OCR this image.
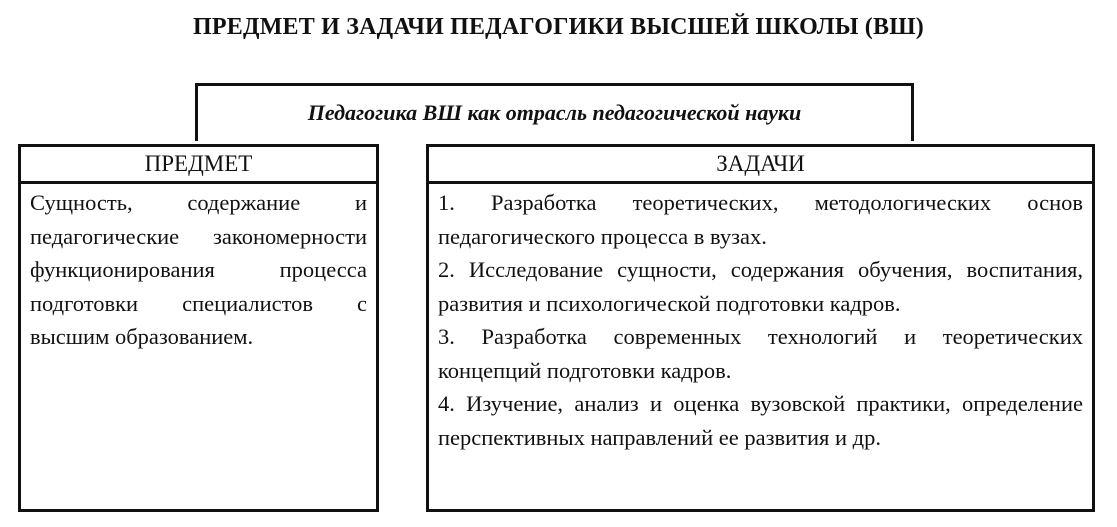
ПРЕДМЕТ И ЗАДАЧИ ПЕДАГОГИКИ ВЫСШЕЙ ШКОЛЫ (ВШ)
Педагогика ВШ как отрасль педагогической науки
ПРЕДМЕТ
Сущность, содержание и педагогические закономерности функционирования процесса подготовки специалистов с высшим образованием.
ЗАДАЧИ

1. Разработка теоретических, методологических основ педагогического процесса в вузах.

2. Исследование сущности, содержания обучения, воспитания, развития и психологической подготовки кадров.

3. Разработка современных технологий и теоретических концепций подготовки кадров.

4. Изучение, анализ и оценка вузовской практики, определение перспективных направлений ее развития и др.
